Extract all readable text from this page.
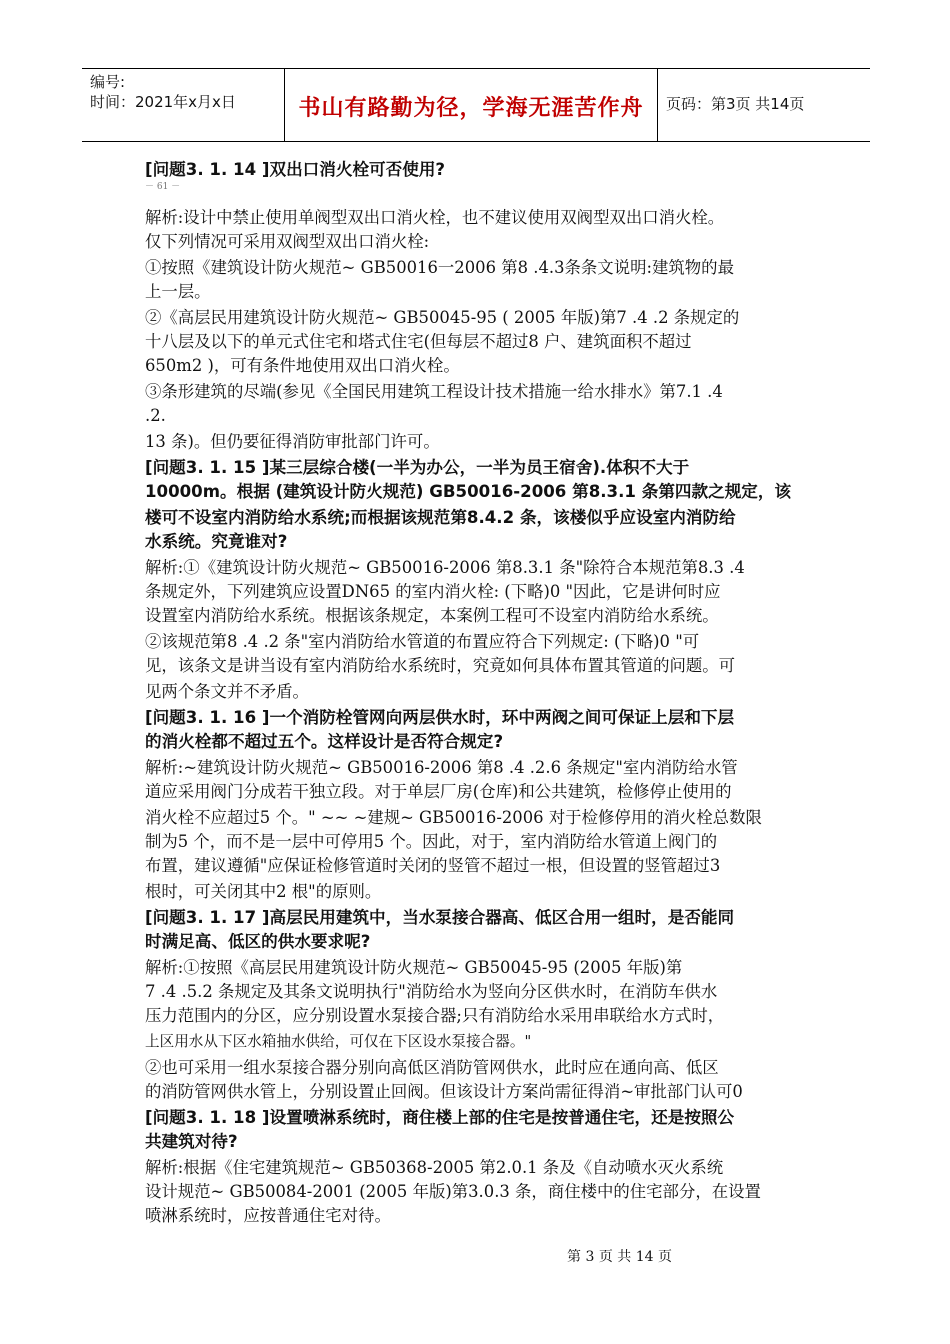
编号:
时间：2021年x月x日	书山有路勤为径，学海无涯苦作舟	页码：第3页 共14页
[问题3. 1. 14 ]双出口消火栓可否使用?
－ 61 －
解析:设计中禁止使用单阀型双出口消火栓，也不建议使用双阀型双出口消火栓。
仅下列情况可采用双阀型双出口消火栓:
①按照《建筑设计防火规范~ GB50016一2006 第8 .4.3条条文说明:建筑物的最
上一层。
②《高层民用建筑设计防火规范~ GB50045-95 ( 2005 年版)第7 .4 .2 条规定的
十八层及以下的单元式住宅和塔式住宅(但每层不超过8 户、建筑面积不超过
650m2 )，可有条件地使用双出口消火栓。
③条形建筑的尽端(参见《全国民用建筑工程设计技术措施一给水排水》第7.1 .4
.2.
13 条)。但仍要征得消防审批部门许可。
[问题3. 1. 15 ]某三层综合楼(一半为办公，一半为员王宿舍).体积不大于
10000m。根据 (建筑设计防火规范) GB50016-2006 第8.3.1 条第四款之规定，该
楼可不设室内消防给水系统;而根据该规范第8.4.2 条，该楼似乎应设室内消防给
水系统。究竟谁对?
解析:①《建筑设计防火规范~ GB50016-2006 第8.3.1 条"除符合本规范第8.3 .4
条规定外，下列建筑应设置DN65 的室内消火栓: (下略)0 "因此，它是讲何时应
设置室内消防给水系统。根据该条规定，本案例工程可不设室内消防给水系统。
②该规范第8 .4 .2 条"室内消防给水管道的布置应符合下列规定: (下略)0 "可
见，该条文是讲当设有室内消防给水系统时，究竟如何具体布置其管道的问题。可
见两个条文并不矛盾。
[问题3. 1. 16 ]一个消防栓管网向两层供水时，环中两阀之间可保证上层和下层
的消火栓都不超过五个。这样设计是否符合规定?
解析:~建筑设计防火规范~ GB50016-2006 第8 .4 .2.6 条规定"室内消防给水管
道应采用阀门分成若干独立段。对于单层厂房(仓库)和公共建筑，检修停止使用的
消火栓不应超过5 个。" ~~ ~建规~ GB50016-2006 对于检修停用的消火栓总数限
制为5 个，而不是一层中可停用5 个。因此，对于，室内消防给水管道上阀门的
布置，建议遵循"应保证检修管道时关闭的竖管不超过一根，但设置的竖管超过3
根时，可关闭其中2 根"的原则。
[问题3. 1. 17 ]高层民用建筑中，当水泵接合器高、低区合用一组时，是否能同
时满足高、低区的供水要求呢?
解析:①按照《高层民用建筑设计防火规范~ GB50045-95 (2005 年版)第
7 .4 .5.2 条规定及其条文说明执行"消防给水为竖向分区供水时，在消防车供水
压力范围内的分区，应分别设置水泵接合器;只有消防给水采用串联给水方式时，
上区用水从下区水箱抽水供给，可仅在下区设水泵接合器。"
②也可采用一组水泵接合器分别向高低区消防管网供水，此时应在通向高、低区
的消防管网供水管上，分别设置止回阀。但该设计方案尚需征得消~审批部门认可0
[问题3. 1. 18 ]设置喷淋系统时，商住楼上部的住宅是按普通住宅，还是按照公
共建筑对待?
解析:根据《住宅建筑规范~ GB50368-2005 第2.0.1 条及《自动喷水灭火系统
设计规范~ GB50084-2001 (2005 年版)第3.0.3 条，商住楼中的住宅部分，在设置
喷淋系统时，应按普通住宅对待。
第 3 页 共 14 页
